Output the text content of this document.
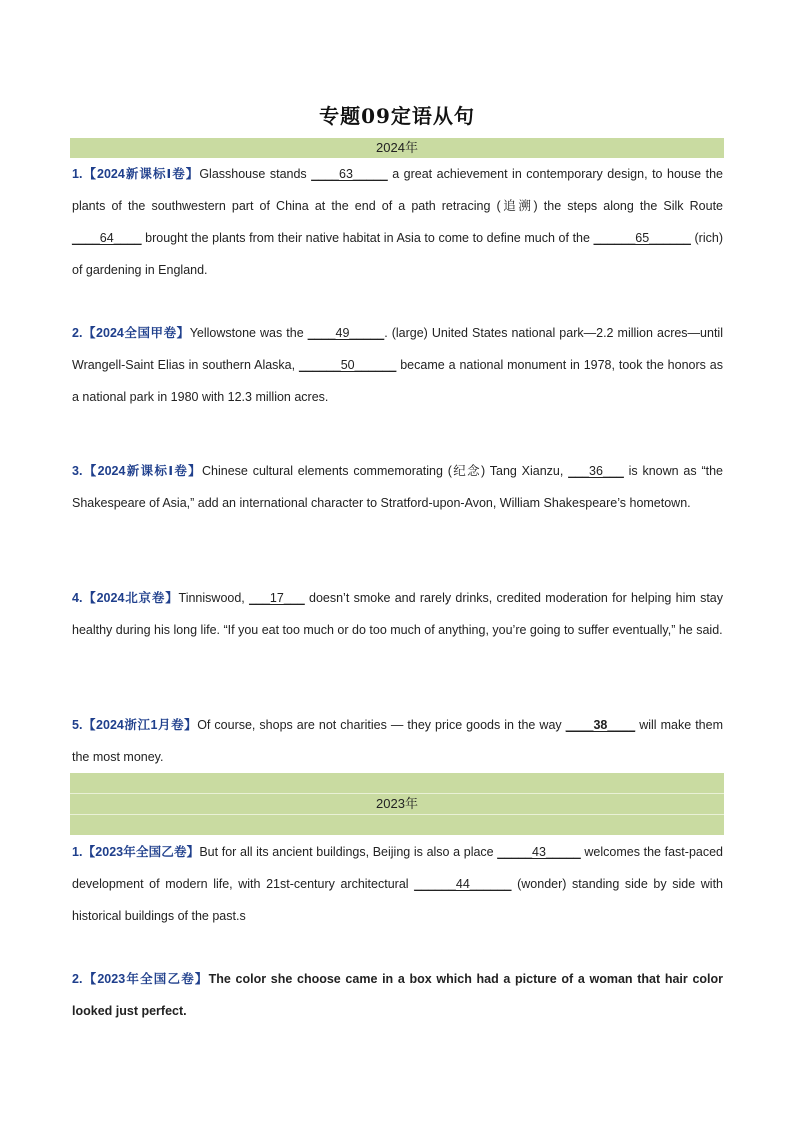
专题09定语从句
2024年
1.【2024新课标Ⅰ卷】Glasshouse stands ____63_____ a great achievement in contemporary design, to house the plants of the southwestern part of China at the end of a path retracing (追溯) the steps along the Silk Route ____64____ brought the plants from their native habitat in Asia to come to define much of the ______65______ (rich) of gardening in England.
2.【2024全国甲卷】Yellowstone was the ____49_____. (large) United States national park—2.2 million acres—until Wrangell-Saint Elias in southern Alaska, ______50______ became a national monument in 1978, took the honors as a national park in 1980 with 12.3 million acres.
3.【2024新课标Ⅰ卷】Chinese cultural elements commemorating (纪念) Tang Xianzu, ___36___ is known as “the Shakespeare of Asia,” add an international character to Stratford-upon-Avon, William Shakespeare’s hometown.
4.【2024北京卷】Tinniswood, ___17___ doesn’t smoke and rarely drinks, credited moderation for helping him stay healthy during his long life. “If you eat too much or do too much of anything, you’re going to suffer eventually,” he said.
5.【2024浙江1月卷】Of course, shops are not charities — they price goods in the way ____38____ will make them the most money.
2023年
1.【2023年全国乙卷】But for all its ancient buildings, Beijing is also a place _____43_____ welcomes the fast-paced development of modern life, with 21st-century architectural ______44______ (wonder) standing side by side with historical buildings of the past.s
2.【2023年全国乙卷】The color she choose came in a box which had a picture of a woman that hair color looked just perfect.
